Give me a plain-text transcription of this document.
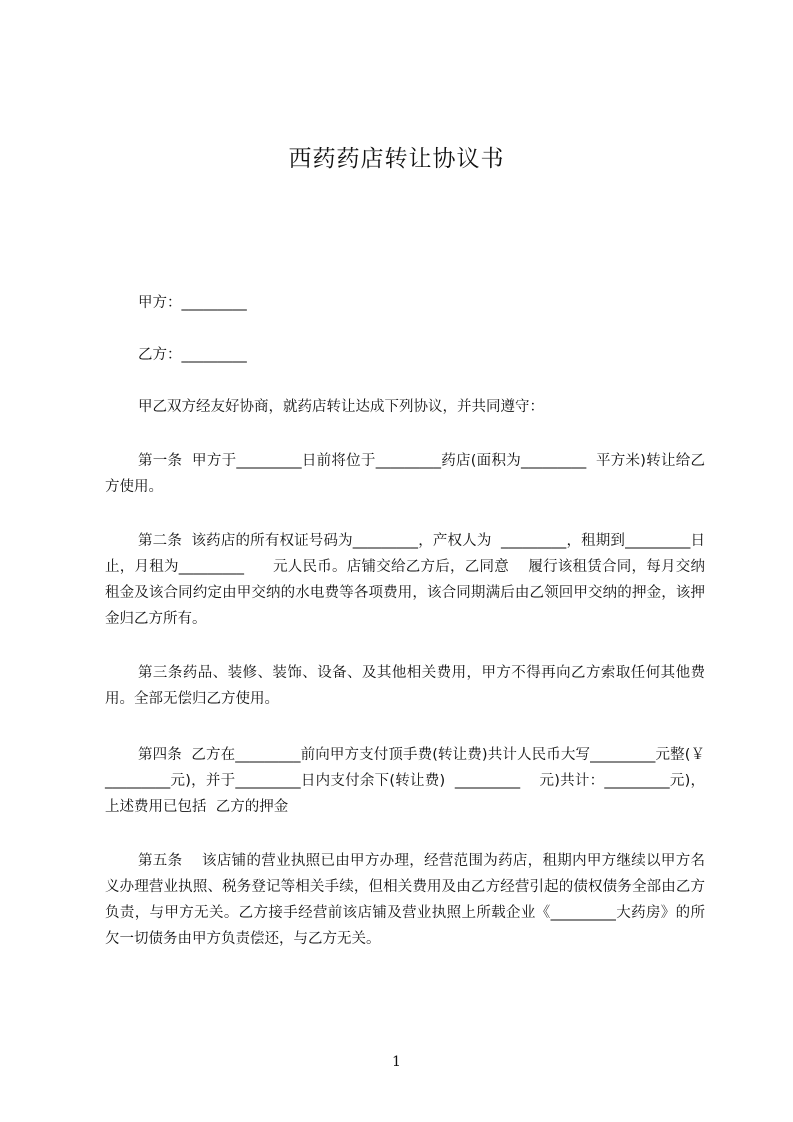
西药药店转让协议书
甲方：_________
乙方：_________
甲乙双方经友好协商，就药店转让达成下列协议，并共同遵守：
第一条  甲方于_________日前将位于_________药店(面积为_________  平方米)转让给乙方使用。
第二条  该药店的所有权证号码为_________，产权人为  _________，租期到_________日止，月租为_________      元人民币。店铺交给乙方后，乙同意    履行该租赁合同，每月交纳租金及该合同约定由甲交纳的水电费等各项费用，该合同期满后由乙领回甲交纳的押金，该押金归乙方所有。
第三条药品、装修、装饰、设备、及其他相关费用，甲方不得再向乙方索取任何其他费用。全部无偿归乙方使用。
第四条  乙方在_________前向甲方支付顶手费(转让费)共计人民币大写_________元整(￥    _________元)，并于_________日内支付余下(转让费)  _________    元)共计：_________元)，上述费用已包括  乙方的押金
第五条    该店铺的营业执照已由甲方办理，经营范围为药店，租期内甲方继续以甲方名义办理营业执照、税务登记等相关手续，但相关费用及由乙方经营引起的债权债务全部由乙方负责，与甲方无关。乙方接手经营前该店铺及营业执照上所载企业《_________大药房》的所欠一切债务由甲方负责偿还，与乙方无关。
1
